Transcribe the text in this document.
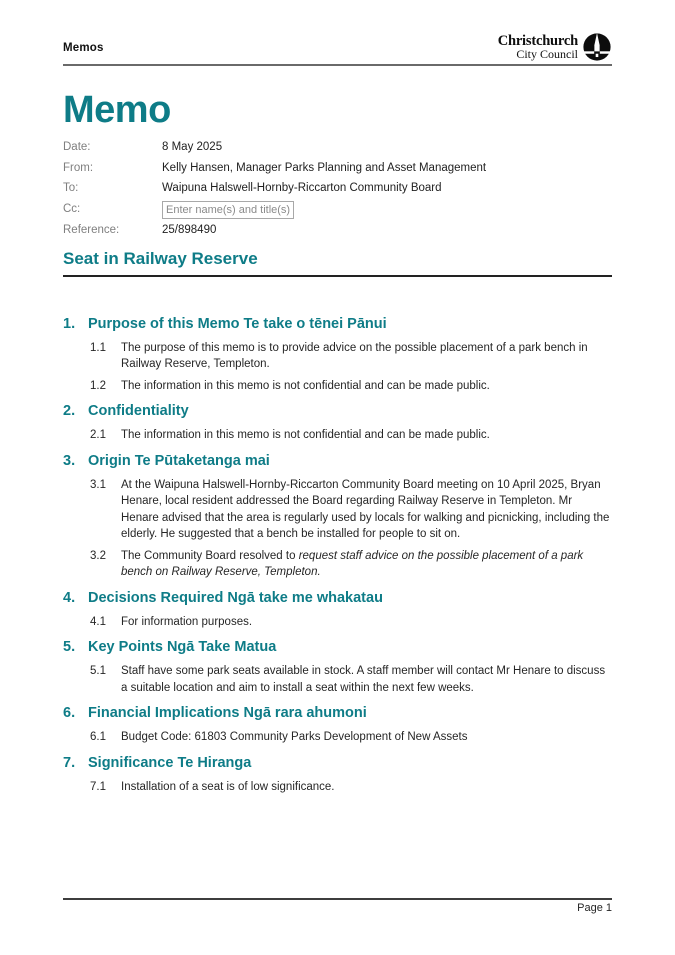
Memos	Christchurch
City Council
Memo
Date:	8 May 2025
From:	Kelly Hansen, Manager Parks Planning and Asset Management
To:	Waipuna Halswell-Hornby-Riccarton Community Board
Cc:	Enter name(s) and title(s)
Reference:	25/898490
Seat in Railway Reserve
1. Purpose of this Memo Te take o tēnei Pānui
1.1	The purpose of this memo is to provide advice on the possible placement of a park bench in Railway Reserve, Templeton.
1.2	The information in this memo is not confidential and can be made public.
2. Confidentiality
2.1	The information in this memo is not confidential and can be made public.
3. Origin Te Pūtaketanga mai
3.1	At the Waipuna Halswell-Hornby-Riccarton Community Board meeting on 10 April 2025, Bryan Henare, local resident addressed the Board regarding Railway Reserve in Templeton. Mr Henare advised that the area is regularly used by locals for walking and picnicking, including the elderly. He suggested that a bench be installed for people to sit on.
3.2	The Community Board resolved to request staff advice on the possible placement of a park bench on Railway Reserve, Templeton.
4. Decisions Required Ngā take me whakatau
4.1	For information purposes.
5. Key Points Ngā Take Matua
5.1	Staff have some park seats available in stock. A staff member will contact Mr Henare to discuss a suitable location and aim to install a seat within the next few weeks.
6. Financial Implications Ngā rara ahumoni
6.1	Budget Code: 61803 Community Parks Development of New Assets
7. Significance Te Hiranga
7.1	Installation of a seat is of low significance.
Page 1
